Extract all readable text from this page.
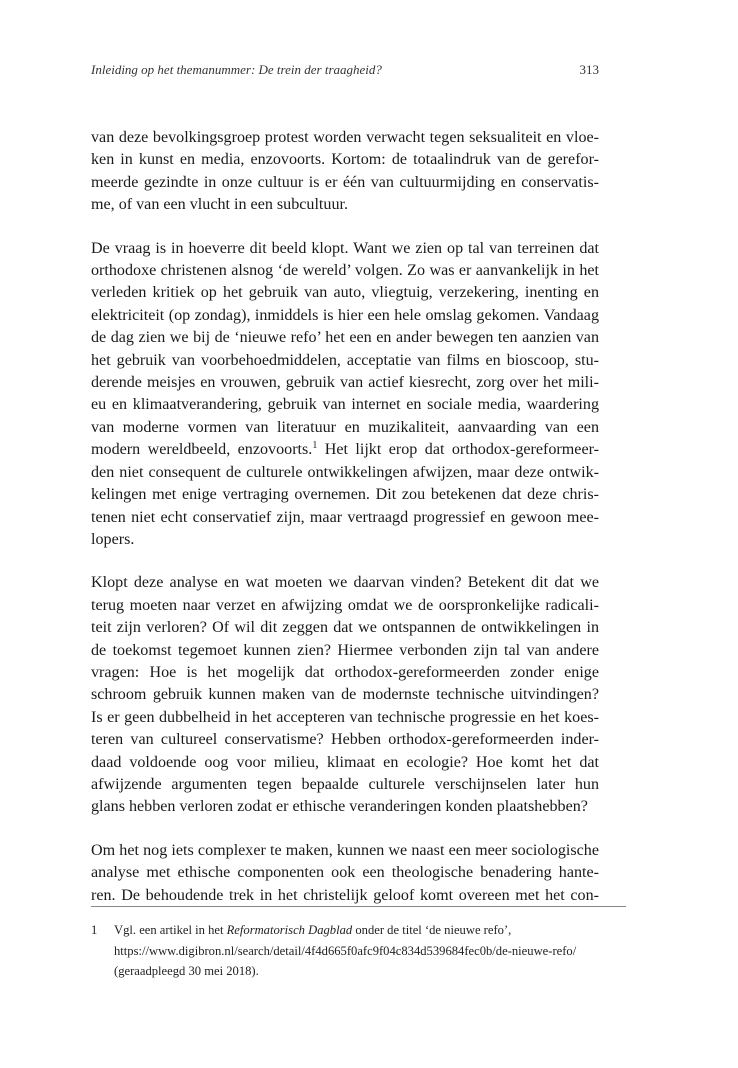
Inleiding op het themanummer: De trein der traagheid?	313

van deze bevolkingsgroep protest worden verwacht tegen seksualiteit en vloe-
ken in kunst en media, enzovoorts. Kortom: de totaalindruk van de gerefor-
meerde gezindte in onze cultuur is er één van cultuurmijding en conservatis-
me, of van een vlucht in een subcultuur.

De vraag is in hoeverre dit beeld klopt. Want we zien op tal van terreinen dat
orthodoxe christenen alsnog ‘de wereld’ volgen. Zo was er aanvankelijk in het
verleden kritiek op het gebruik van auto, vliegtuig, verzekering, inenting en
elektriciteit (op zondag), inmiddels is hier een hele omslag gekomen. Vandaag
de dag zien we bij de ‘nieuwe refo’ het een en ander bewegen ten aanzien van
het gebruik van voorbehoedmiddelen, acceptatie van films en bioscoop, stu-
derende meisjes en vrouwen, gebruik van actief kiesrecht, zorg over het mili-
eu en klimaatverandering, gebruik van internet en sociale media, waardering
van moderne vormen van literatuur en muzikaliteit, aanvaarding van een
modern wereldbeeld, enzovoorts.$^1$ Het lijkt erop dat orthodox-gereformeer-
den niet consequent de culturele ontwikkelingen afwijzen, maar deze ontwik-
kelingen met enige vertraging overnemen. Dit zou betekenen dat deze chris-
tenen niet echt conservatief zijn, maar vertraagd progressief en gewoon mee-
lopers.

Klopt deze analyse en wat moeten we daarvan vinden? Betekent dit dat we
terug moeten naar verzet en afwijzing omdat we de oorspronkelijke radicali-
teit zijn verloren? Of wil dit zeggen dat we ontspannen de ontwikkelingen in
de toekomst tegemoet kunnen zien? Hiermee verbonden zijn tal van andere
vragen: Hoe is het mogelijk dat orthodox-gereformeerden zonder enige
schroom gebruik kunnen maken van de modernste technische uitvindingen?
Is er geen dubbelheid in het accepteren van technische progressie en het koes-
teren van cultureel conservatisme? Hebben orthodox-gereformeerden inder-
daad voldoende oog voor milieu, klimaat en ecologie? Hoe komt het dat
afwijzende argumenten tegen bepaalde culturele verschijnselen later hun
glans hebben verloren zodat er ethische veranderingen konden plaatshebben?

Om het nog iets complexer te maken, kunnen we naast een meer sociologische
analyse met ethische componenten ook een theologische benadering hante-
ren. De behoudende trek in het christelijk geloof komt overeen met het con-

1 Vgl. een artikel in het Reformatorisch Dagblad onder de titel ‘de nieuwe refo’,
https://www.digibron.nl/search/detail/4f4d665f0afc9f04c834d539684fec0b/de-nieuwe-refo/
(geraadpleegd 30 mei 2018).
